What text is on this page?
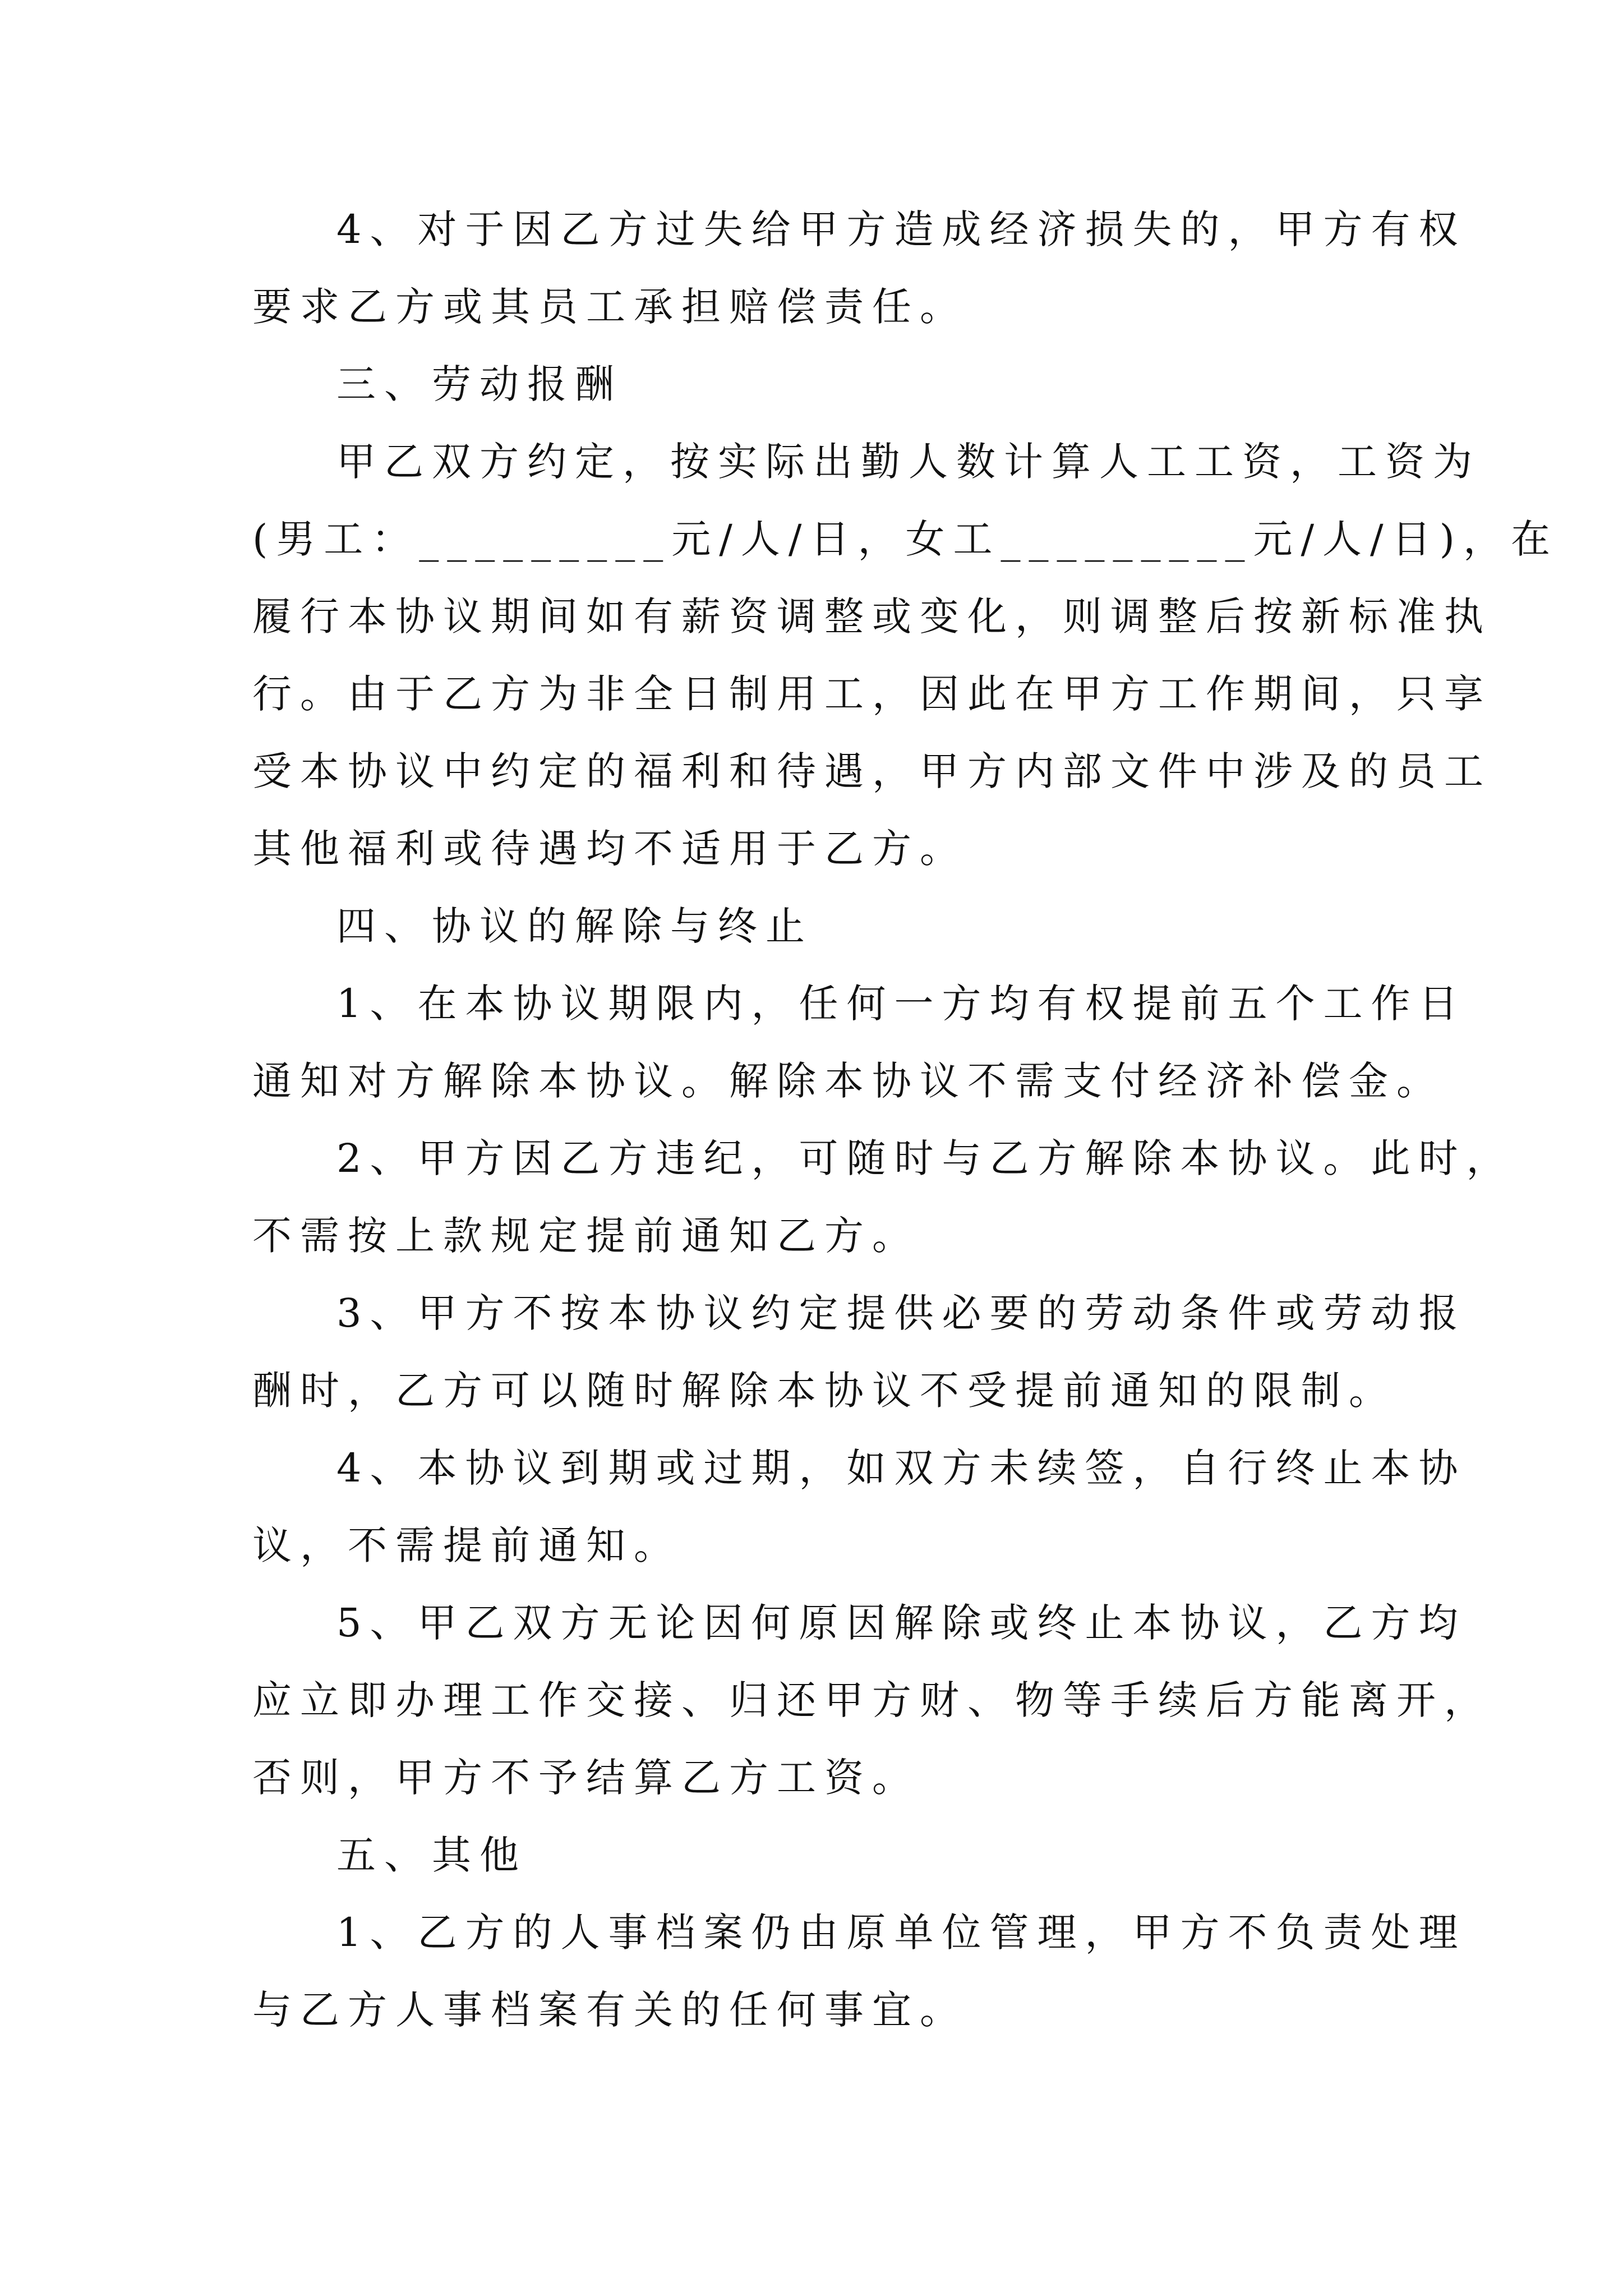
4、对于因乙方过失给甲方造成经济损失的，甲方有权
要求乙方或其员工承担赔偿责任。
三、劳动报酬
甲乙双方约定，按实际出勤人数计算人工工资，工资为
(男工：_________元/人/日，女工_________元/人/日)，在
履行本协议期间如有薪资调整或变化，则调整后按新标准执
行。由于乙方为非全日制用工，因此在甲方工作期间，只享
受本协议中约定的福利和待遇，甲方内部文件中涉及的员工
其他福利或待遇均不适用于乙方。
四、协议的解除与终止
1、在本协议期限内，任何一方均有权提前五个工作日
通知对方解除本协议。解除本协议不需支付经济补偿金。
2、甲方因乙方违纪，可随时与乙方解除本协议。此时，
不需按上款规定提前通知乙方。
3、甲方不按本协议约定提供必要的劳动条件或劳动报
酬时，乙方可以随时解除本协议不受提前通知的限制。
4、本协议到期或过期，如双方未续签，自行终止本协
议，不需提前通知。
5、甲乙双方无论因何原因解除或终止本协议，乙方均
应立即办理工作交接、归还甲方财、物等手续后方能离开，
否则，甲方不予结算乙方工资。
五、其他
1、乙方的人事档案仍由原单位管理，甲方不负责处理
与乙方人事档案有关的任何事宜。
